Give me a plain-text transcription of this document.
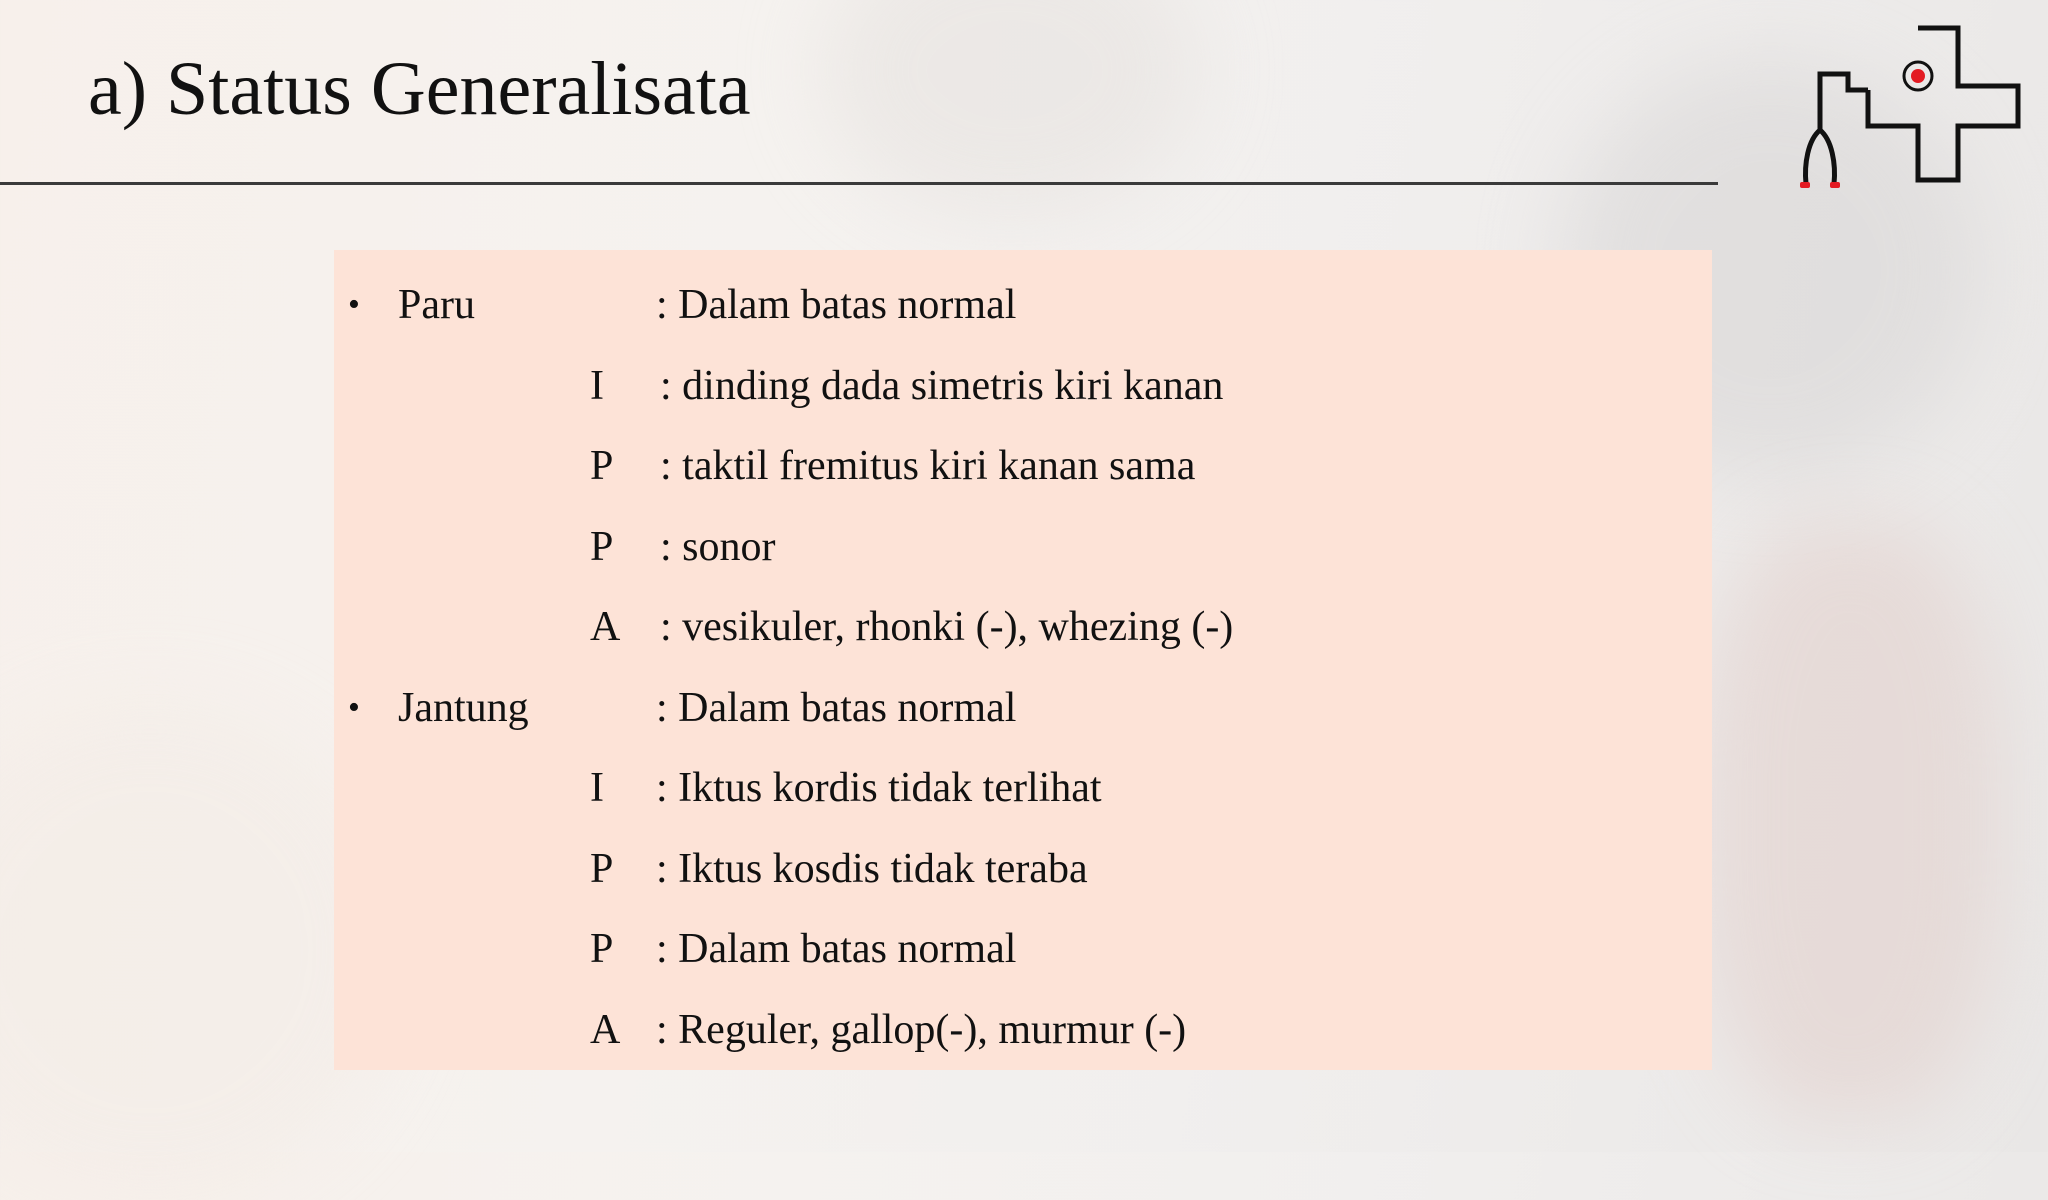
a) Status Generalisata
• Paru	: Dalam batas normal
I : dinding dada simetris kiri kanan
P : taktil fremitus kiri kanan sama
P : sonor
A : vesikuler, rhonki (-), whezing (-)
• Jantung	: Dalam batas normal
I : Iktus kordis tidak terlihat
P : Iktus kosdis tidak teraba
P : Dalam batas normal
A : Reguler, gallop(-), murmur (-)
